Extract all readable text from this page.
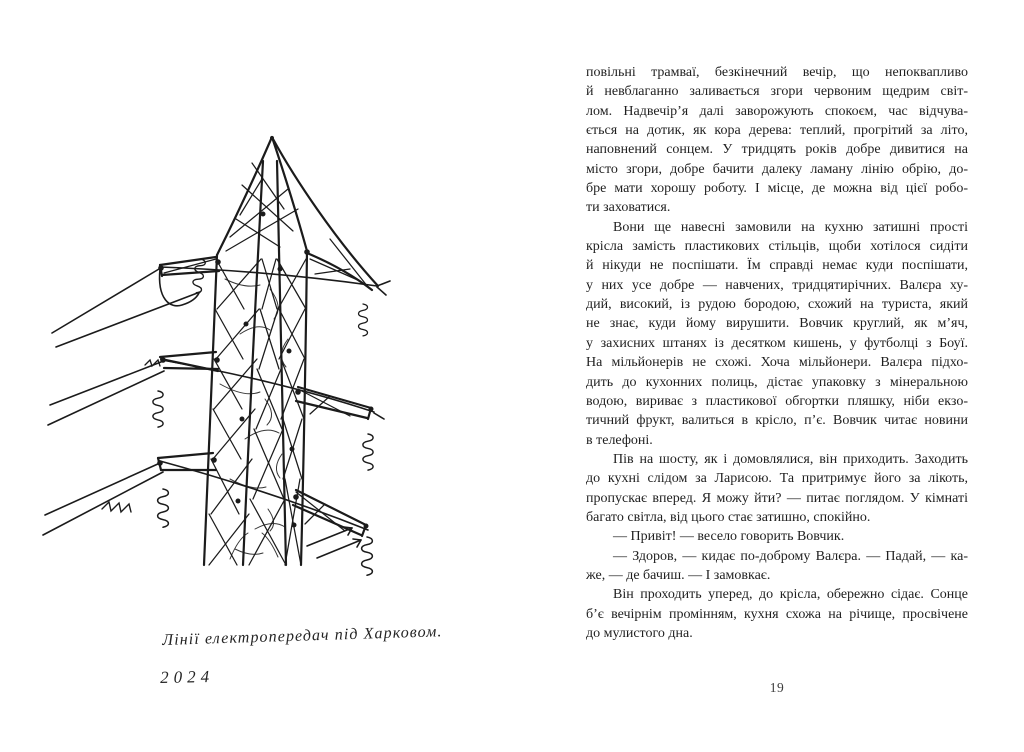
Лінії електропередач під Харковом.
2024
повільні трамваї, безкінечний вечір, що непоквапливо
й невблаганно заливається згори червоним щедрим світ-
лом. Надвечір’я далі заворожують спокоєм, час відчува-
ється на дотик, як кора дерева: теплий, прогрітий за літо,
наповнений сонцем. У тридцять років добре дивитися на
місто згори, добре бачити далеку ламану лінію обрію, до-
бре мати хорошу роботу. І місце, де можна від цієї робо-
ти заховатися.
Вони ще навесні замовили на кухню затишні прості
крісла замість пластикових стільців, щоби хотілося сидіти
й нікуди не поспішати. Їм справді немає куди поспішати,
у них усе добре — навчених, тридцятирічних. Валєра ху-
дий, високий, із рудою бородою, схожий на туриста, який
не знає, куди йому вирушити. Вовчик круглий, як м’яч,
у захисних штанях із десятком кишень, у футболці з Боуї.
На мільйонерів не схожі. Хоча мільйонери. Валєра підхо-
дить до кухонних полиць, дістає упаковку з мінеральною
водою, вириває з пластикової обгортки пляшку, ніби екзо-
тичний фрукт, валиться в крісло, п’є. Вовчик читає новини
в телефоні.
Пів на шосту, як і домовлялися, він приходить. Заходить
до кухні слідом за Ларисою. Та притримує його за лікоть,
пропускає вперед. Я можу йти? — питає поглядом. У кімнаті
багато світла, від цього стає затишно, спокійно.
— Привіт! — весело говорить Вовчик.
— Здоров, — кидає по-доброму Валєра. — Падай, — ка-
же, — де бачиш. — І замовкає.
Він проходить уперед, до крісла, обережно сідає. Сонце
б’є вечірнім промінням, кухня схожа на річище, просвічене
до мулистого дна.
19
